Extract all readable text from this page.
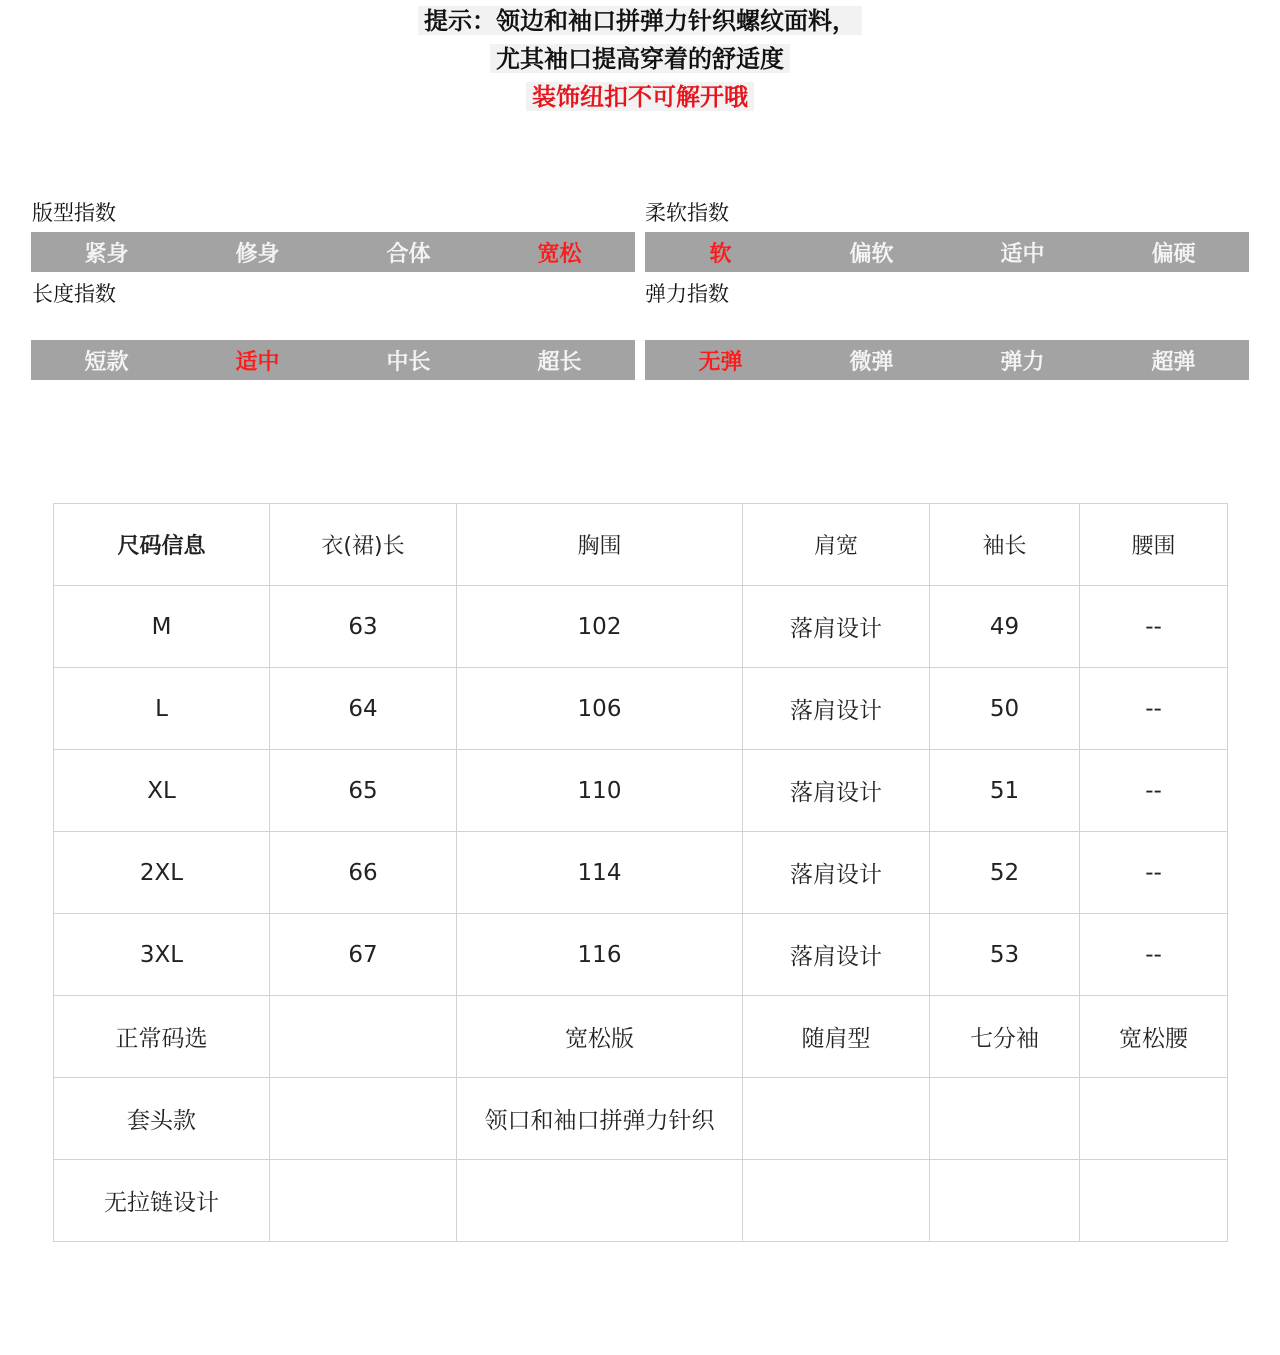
提示：领边和袖口拼弹力针织螺纹面料，
尤其袖口提高穿着的舒适度
装饰纽扣不可解开哦
版型指数	柔软指数
长度指数	弹力指数
紧身	修身	合体	宽松	软	偏软	适中	偏硬
短款	适中	中长	超长	无弹	微弹	弹力	超弹
尺码信息	衣(裙)长	胸围	肩宽	袖长	腰围
M	63	102	落肩设计	49	--
L	64	106	落肩设计	50	--
XL	65	110	落肩设计	51	--
2XL	66	114	落肩设计	52	--
3XL	67	116	落肩设计	53	--
正常码选		宽松版	随肩型	七分袖	宽松腰
套头款		领口和袖口拼弹力针织			
无拉链设计					
